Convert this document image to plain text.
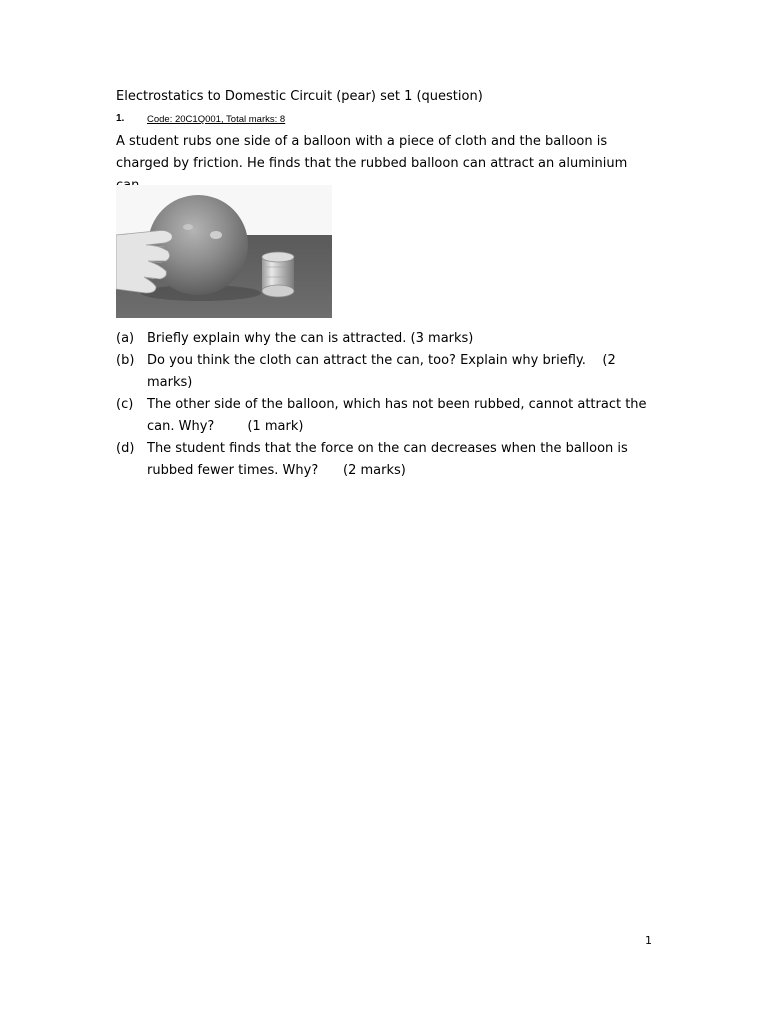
Electrostatics to Domestic Circuit (pear) set 1 (question)
1. Code: 20C1Q001, Total marks: 8

A student rubs one side of a balloon with a piece of cloth and the balloon is charged by friction. He finds that the rubbed balloon can attract an aluminium

(a) Briefly explain why the can is attracted. (3 marks)
(b) Do you think the cloth can attract the can, too? Explain why briefly.    (2 marks)
(c)	The other side of the balloon, which has not been rubbed, cannot attract the can. Why?        (1 mark)
(d) The student finds that the force on the can decreases when the balloon is rubbed fewer times. Why?      (2 marks)
1
